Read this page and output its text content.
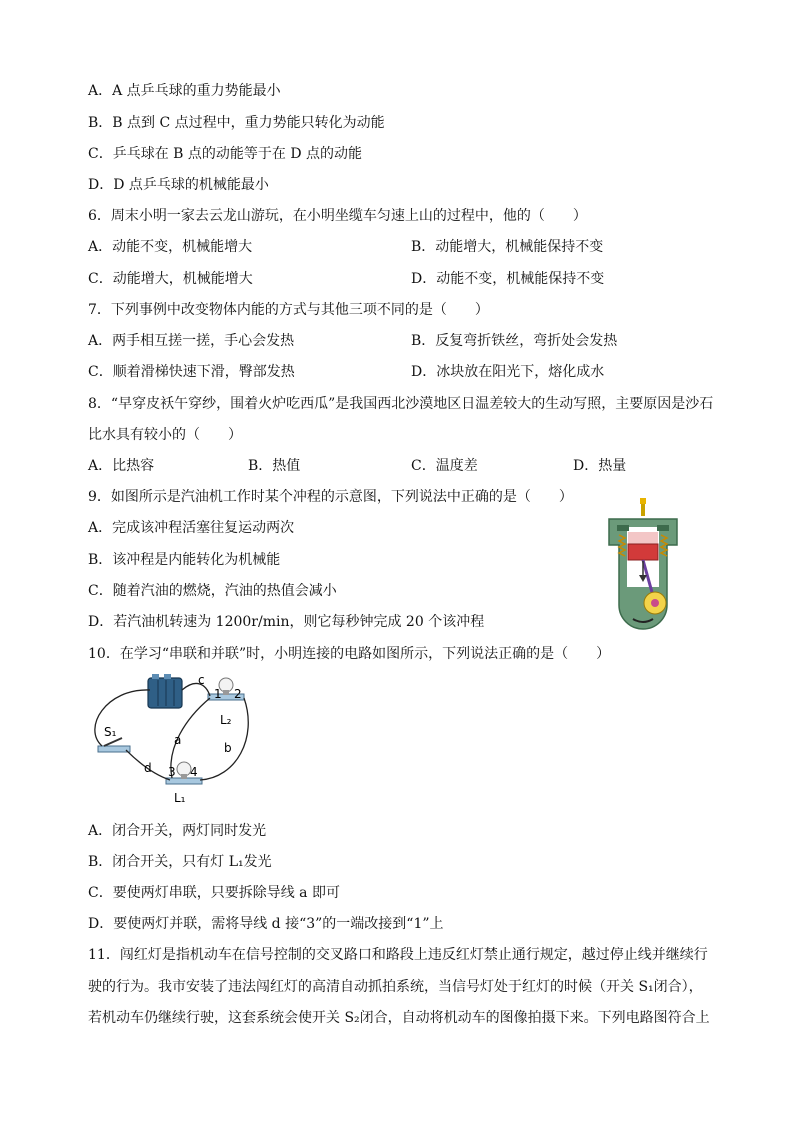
A．A 点乒乓球的重力势能最小
B．B 点到 C 点过程中，重力势能只转化为动能
C．乒乓球在 B 点的动能等于在 D 点的动能
D．D 点乒乓球的机械能最小
6．周末小明一家去云龙山游玩，在小明坐缆车匀速上山的过程中，他的（　　）
A．动能不变，机械能增大	B．动能增大，机械能保持不变
C．动能增大，机械能增大	D．动能不变，机械能保持不变
7．下列事例中改变物体内能的方式与其他三项不同的是（　　）
A．两手相互搓一搓，手心会发热	B．反复弯折铁丝，弯折处会发热
C．顺着滑梯快速下滑，臀部发热	D．冰块放在阳光下，熔化成水
8．“早穿皮袄午穿纱，围着火炉吃西瓜”是我国西北沙漠地区日温差较大的生动写照，主要原因是沙石
比水具有较小的（　　）
A．比热容	B．热值	C．温度差	D．热量
9．如图所示是汽油机工作时某个冲程的示意图，下列说法中正确的是（　　）
A．完成该冲程活塞往复运动两次
B．该冲程是内能转化为机械能
C．随着汽油的燃烧，汽油的热值会减小
D．若汽油机转速为 1200r/min，则它每秒钟完成 20 个该冲程
10．在学习“串联和并联”时，小明连接的电路如图所示，下列说法正确的是（　　）
c
a
b
d
1 2
3 4
L₂
L₁
S₁
A．闭合开关，两灯同时发光
B．闭合开关，只有灯 L₁发光
C．要使两灯串联，只要拆除导线 a 即可
D．要使两灯并联，需将导线 d 接“3”的一端改接到“1”上
11．闯红灯是指机动车在信号控制的交叉路口和路段上违反红灯禁止通行规定，越过停止线并继续行
驶的行为。我市安装了违法闯红灯的高清自动抓拍系统，当信号灯处于红灯的时候（开关 S₁闭合），
若机动车仍继续行驶，这套系统会使开关 S₂闭合，自动将机动车的图像拍摄下来。下列电路图符合上
